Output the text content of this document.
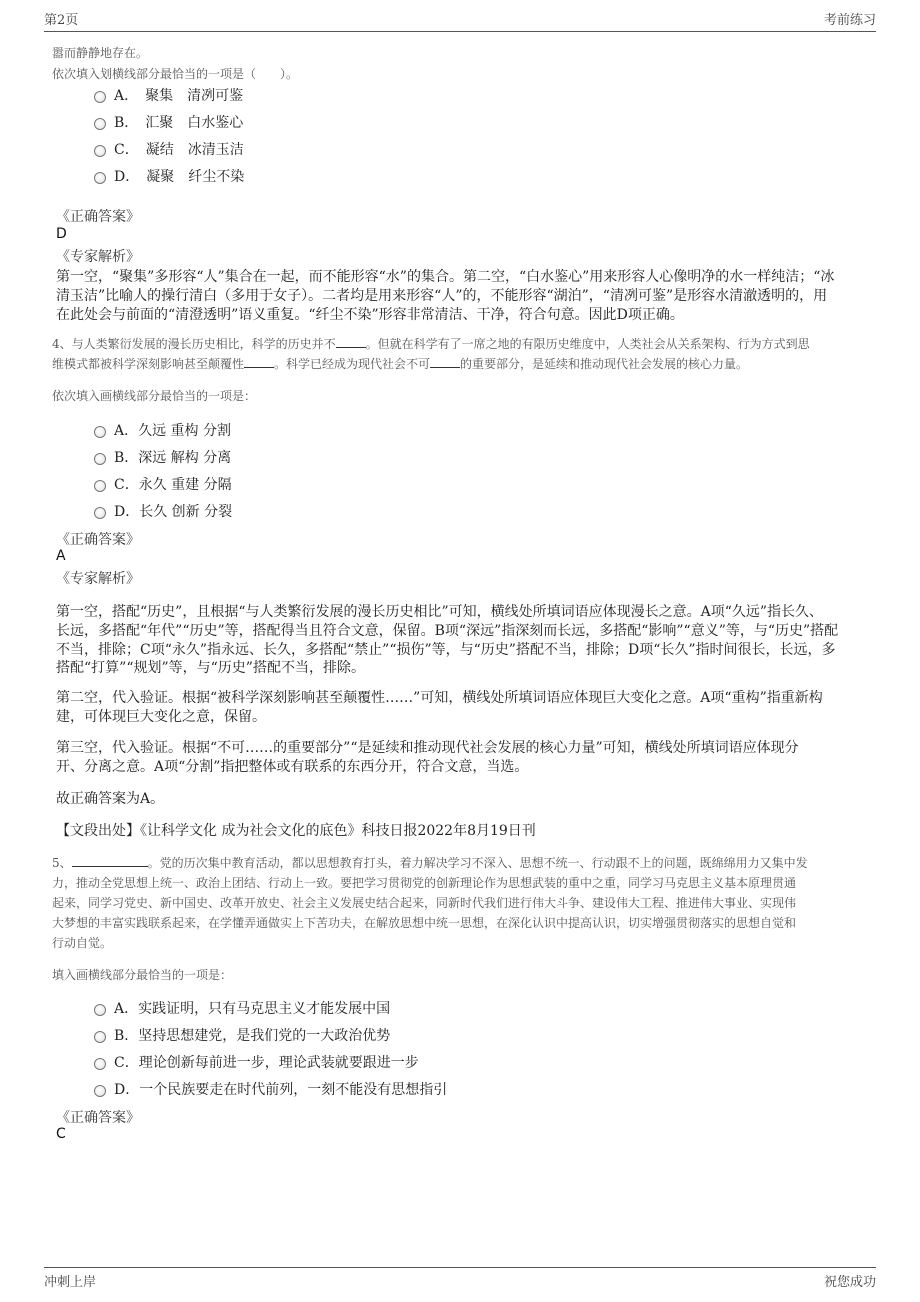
第2页	考前练习
嚣而静静地存在。
依次填入划横线部分最恰当的一项是（　　）。
A．　聚集　清冽可鉴
B．　汇聚　白水鉴心
C．　凝结　冰清玉洁
D．　凝聚　纤尘不染
《正确答案》
D
《专家解析》
第一空，“聚集”多形容“人”集合在一起，而不能形容“水”的集合。第二空，“白水鉴心”用来形容人心像明净的水一样纯洁；“冰
清玉洁”比喻人的操行清白（多用于女子）。二者均是用来形容“人”的，不能形容“湖泊”，“清冽可鉴”是形容水清澈透明的，用
在此处会与前面的“清澄透明”语义重复。“纤尘不染”形容非常清洁、干净，符合句意。因此D项正确。
4、与人类繁衍发展的漫长历史相比，科学的历史并不	。但就在科学有了一席之地的有限历史维度中，人类社会从关系架构、行为方式到思
维模式都被科学深刻影响甚至颠覆性	。科学已经成为现代社会不可	的重要部分，是延续和推动现代社会发展的核心力量。
依次填入画横线部分最恰当的一项是：
A．久远 重构 分割
B．深远 解构 分离
C．永久 重建 分隔
D．长久 创新 分裂
《正确答案》
A
《专家解析》
第一空，搭配“历史”，且根据“与人类繁衍发展的漫长历史相比”可知，横线处所填词语应体现漫长之意。A项“久远”指长久、
长远，多搭配“年代”“历史”等，搭配得当且符合文意，保留。B项“深远”指深刻而长远，多搭配“影响”“意义”等，与“历史”搭配
不当，排除；C项“永久”指永远、长久，多搭配“禁止”“损伤”等，与“历史”搭配不当，排除；D项“长久”指时间很长，长远，多
搭配“打算”“规划”等，与“历史”搭配不当，排除。
第二空，代入验证。根据“被科学深刻影响甚至颠覆性……”可知，横线处所填词语应体现巨大变化之意。A项“重构”指重新构
建，可体现巨大变化之意，保留。
第三空，代入验证。根据“不可……的重要部分”“是延续和推动现代社会发展的核心力量”可知，横线处所填词语应体现分
开、分离之意。A项“分割”指把整体或有联系的东西分开，符合文意，当选。
故正确答案为A。
【文段出处】《让科学文化 成为社会文化的底色》科技日报2022年8月19日刊
5、	。党的历次集中教育活动，都以思想教育打头，着力解决学习不深入、思想不统一、行动跟不上的问题，既绵绵用力又集中发
力，推动全党思想上统一、政治上团结、行动上一致。要把学习贯彻党的创新理论作为思想武装的重中之重，同学习马克思主义基本原理贯通
起来，同学习党史、新中国史、改革开放史、社会主义发展史结合起来，同新时代我们进行伟大斗争、建设伟大工程、推进伟大事业、实现伟
大梦想的丰富实践联系起来，在学懂弄通做实上下苦功夫，在解放思想中统一思想，在深化认识中提高认识，切实增强贯彻落实的思想自觉和
行动自觉。
填入画横线部分最恰当的一项是：
A．实践证明，只有马克思主义才能发展中国
B．坚持思想建党，是我们党的一大政治优势
C．理论创新每前进一步，理论武装就要跟进一步
D．一个民族要走在时代前列，一刻不能没有思想指引
《正确答案》
C
冲刺上岸	祝您成功
